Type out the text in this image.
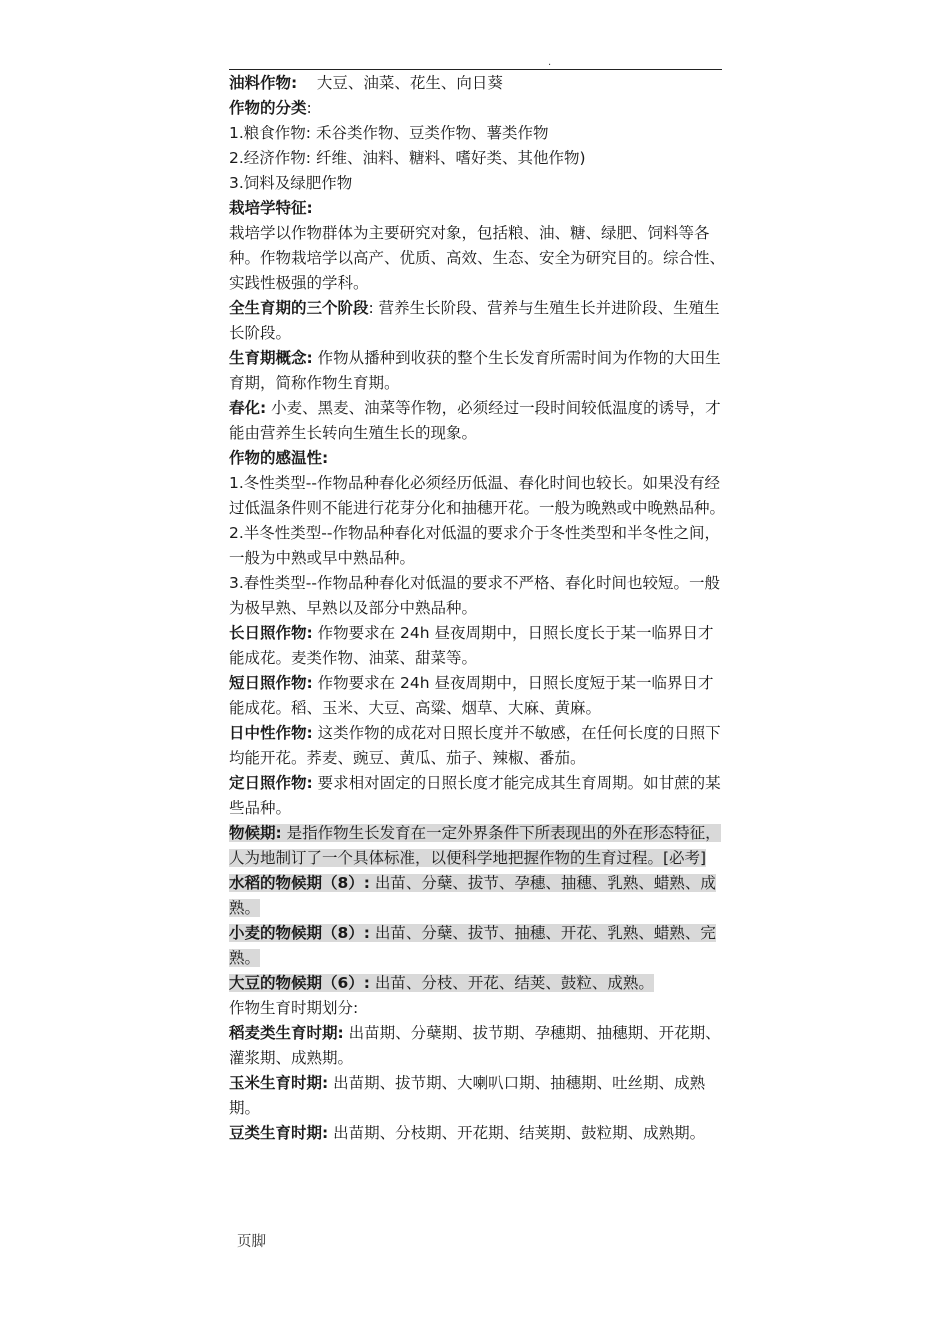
.

油料作物: 大豆、油菜、花生、向日葵

作物的分类:

1.粮食作物: 禾谷类作物、豆类作物、薯类作物

2.经济作物: 纤维、油料、糖料、嗜好类、其他作物)

3.饲料及绿肥作物

栽培学特征:

栽培学以作物群体为主要研究对象，包括粮、油、糖、绿肥、饲料等各种。作物栽培学以高产、优质、高效、生态、安全为研究目的。综合性、实践性极强的学科。

全生育期的三个阶段: 营养生长阶段、营养与生殖生长并进阶段、生殖生长阶段。

生育期概念: 作物从播种到收获的整个生长发育所需时间为作物的大田生育期，简称作物生育期。

春化: 小麦、黑麦、油菜等作物，必须经过一段时间较低温度的诱导，才能由营养生长转向生殖生长的现象。

作物的感温性:

1.冬性类型--作物品种春化必须经历低温、春化时间也较长。如果没有经过低温条件则不能进行花芽分化和抽穗开花。一般为晚熟或中晚熟品种。

2.半冬性类型--作物品种春化对低温的要求介于冬性类型和半冬性之间，一般为中熟或早中熟品种。

3.春性类型--作物品种春化对低温的要求不严格、春化时间也较短。一般为极早熟、早熟以及部分中熟品种。

长日照作物: 作物要求在 24h 昼夜周期中，日照长度长于某一临界日才能成花。麦类作物、油菜、甜菜等。

短日照作物: 作物要求在 24h 昼夜周期中，日照长度短于某一临界日才能成花。稻、玉米、大豆、高粱、烟草、大麻、黄麻。

日中性作物: 这类作物的成花对日照长度并不敏感，在任何长度的日照下均能开花。荞麦、豌豆、黄瓜、茄子、辣椒、番茄。

定日照作物: 要求相对固定的日照长度才能完成其生育周期。如甘蔗的某些品种。

物候期: 是指作物生长发育在一定外界条件下所表现出的外在形态特征，人为地制订了一个具体标准，以便科学地把握作物的生育过程。[必考]

水稻的物候期（8）: 出苗、分蘖、拔节、孕穗、抽穗、乳熟、蜡熟、成熟。

小麦的物候期（8）: 出苗、分蘖、拔节、抽穗、开花、乳熟、蜡熟、完熟。

大豆的物候期（6）: 出苗、分枝、开花、结荚、鼓粒、成熟。

作物生育时期划分:

稻麦类生育时期: 出苗期、分蘖期、拔节期、孕穗期、抽穗期、开花期、灌浆期、成熟期。

玉米生育时期: 出苗期、拔节期、大喇叭口期、抽穗期、吐丝期、成熟期。

豆类生育时期: 出苗期、分枝期、开花期、结荚期、鼓粒期、成熟期。

页脚
